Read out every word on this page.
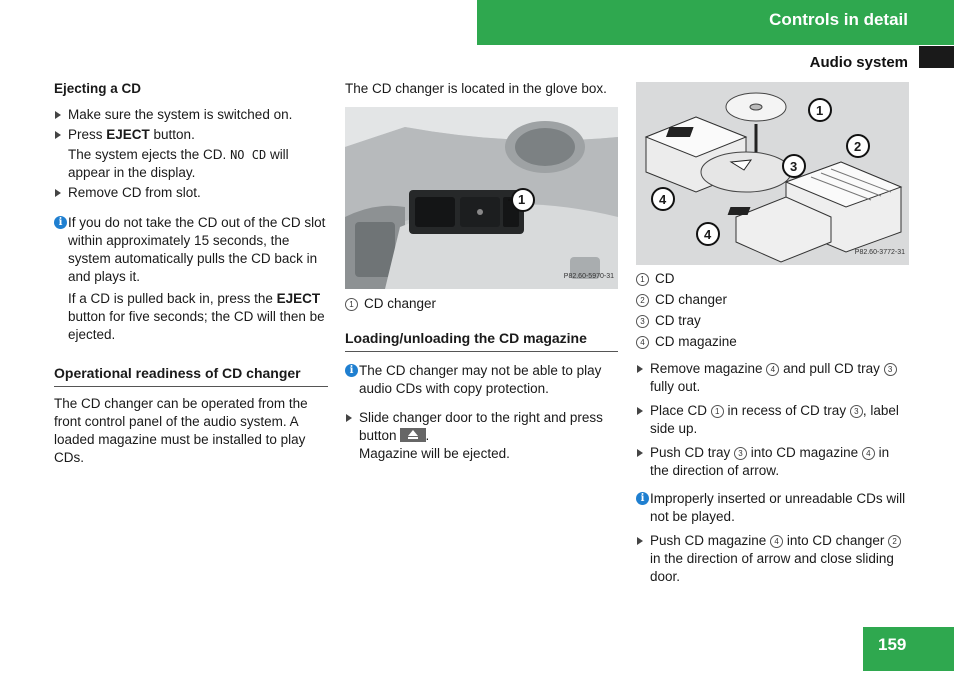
Controls in detail
Audio system
Ejecting a CD
Make sure the system is switched on.
Press EJECT button.

The system ejects the CD. NO CD will appear in the display.

Remove CD from slot.
i If you do not take the CD out of the CD slot within approximately 15 seconds, the system automatically pulls the CD back in and plays it.

If a CD is pulled back in, press the EJECT button for five seconds; the CD will then be ejected.

Operational readiness of CD changer

The CD changer can be operated from the front control panel of the audio system. A loaded magazine must be installed to play CDs.

The CD changer is located in the glove box.

P82.60-5970-31
1
1 CD changer
Loading/unloading the CD magazine
i The CD changer may not be able to play audio CDs with copy protection.

Slide changer door to the right and press button .
Magazine will be ejected.
1
2
3
4
4
P82.60-3772-31
1 CD
2 CD changer
3 CD tray
4 CD magazine
Remove magazine 4 and pull CD tray 3 fully out.
Place CD 1 in recess of CD tray 3 , label side up.
Push CD tray 3 into CD magazine 4 in the direction of arrow.
i Improperly inserted or unreadable CDs will not be played.

Push CD magazine 4 into CD changer 2 in the direction of arrow and close sliding door.
159
